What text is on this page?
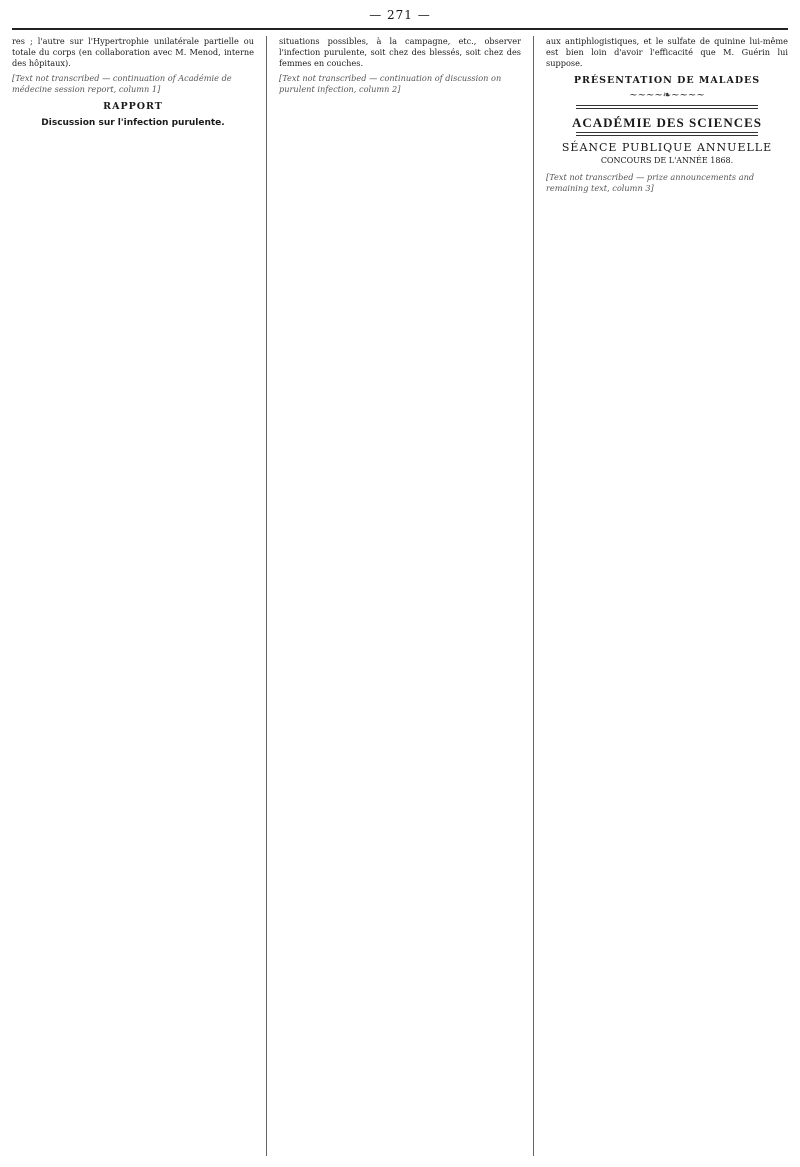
— 271 —

res ; l'autre sur l'Hypertrophie unilatérale partielle ou totale du corps (en collaboration avec M. Menod, interne des hôpitaux).

[Text not transcribed — continuation of Académie de médecine session report, column 1]

RAPPORT
Discussion sur l'infection purulente.

situations possibles, à la campagne, etc., observer l'infection purulente, soit chez des blessés, soit chez des femmes en couches.

[Text not transcribed — continuation of discussion on purulent infection, column 2]

aux antiphlogistiques, et le sulfate de quinine lui-même est bien loin d'avoir l'efficacité que M. Guérin lui suppose.

PRÉSENTATION DE MALADES
~~~~❧~~~~
ACADÉMIE DES SCIENCES
SÉANCE PUBLIQUE ANNUELLE
CONCOURS DE L'ANNÉE 1868.

[Text not transcribed — prize announcements and remaining text, column 3]
